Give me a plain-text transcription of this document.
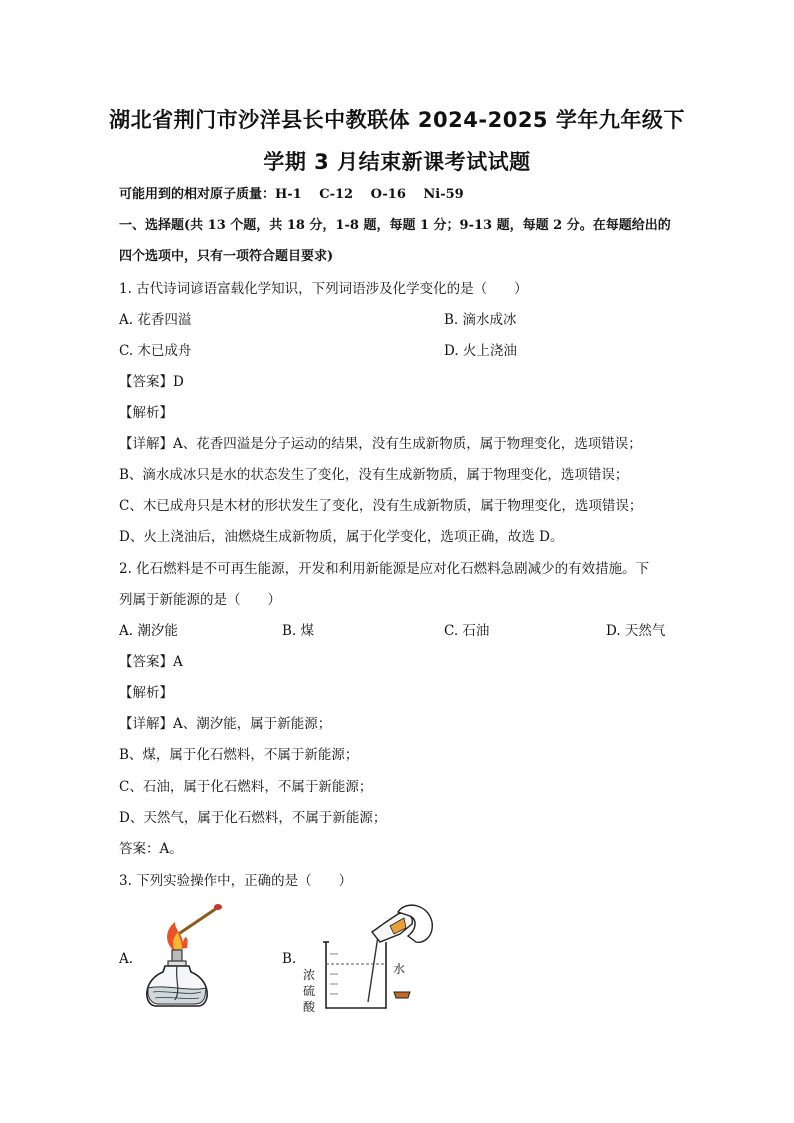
湖北省荆门市沙洋县长中教联体 2024-2025 学年九年级下
学期 3 月结束新课考试试题
可能用到的相对原子质量：H-1　 C-12　 O-16　 Ni-59
一、选择题(共 13 个题，共 18 分，1-8 题，每题 1 分；9-13 题，每题 2 分。在每题给出的
四个选项中，只有一项符合题目要求)
1. 古代诗词谚语富载化学知识，下列词语涉及化学变化的是（　　）
A. 花香四溢	B. 滴水成冰
C. 木已成舟	D. 火上浇油
【答案】D
【解析】
【详解】A、花香四溢是分子运动的结果，没有生成新物质，属于物理变化，选项错误；
B、滴水成冰只是水的状态发生了变化，没有生成新物质，属于物理变化，选项错误；
C、木已成舟只是木材的形状发生了变化，没有生成新物质，属于物理变化，选项错误；
D、火上浇油后，油燃烧生成新物质，属于化学变化，选项正确，故选 D。
2. 化石燃料是不可再生能源，开发和利用新能源是应对化石燃料急剧减少的有效措施。下
列属于新能源的是（　　）
A. 潮汐能	B. 煤	C. 石油	D. 天然气
【答案】A
【解析】
【详解】A、潮汐能，属于新能源；
B、煤，属于化石燃料，不属于新能源；
C、石油，属于化石燃料，不属于新能源；
D、天然气，属于化石燃料，不属于新能源；
答案：A。
3. 下列实验操作中，正确的是（　　）
A.	B.
水
浓
硫
酸
